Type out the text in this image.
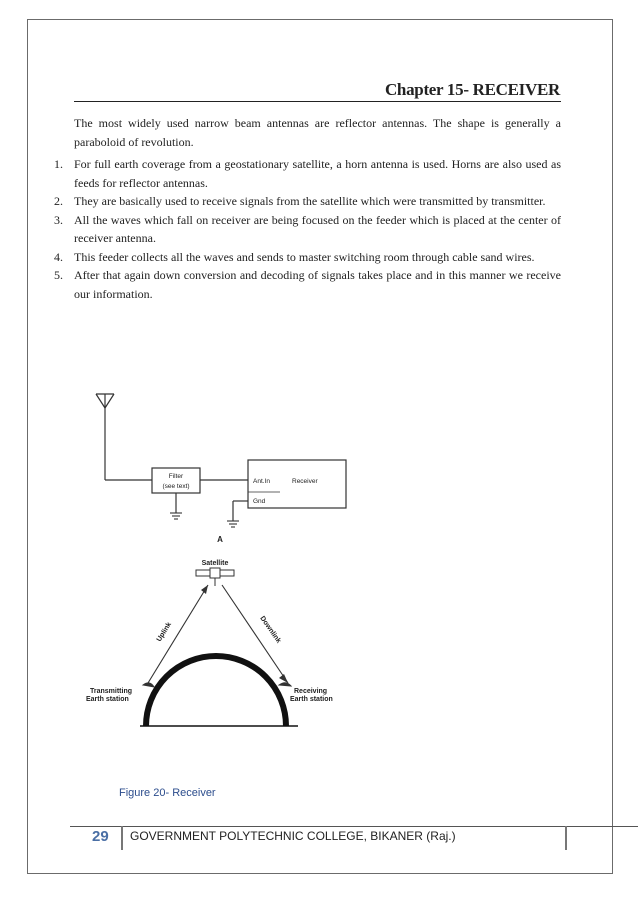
Chapter 15- RECEIVER

The most widely used narrow beam antennas are reflector antennas. The shape is generally a paraboloid of revolution.

1. For full earth coverage from a geostationary satellite, a horn antenna is used. Horns are also used as feeds for reflector antennas.
2. They are basically used to receive signals from the satellite which were transmitted by transmitter.
3. All the waves which fall on receiver are being focused on the feeder which is placed at the center of receiver antenna.
4. This feeder collects all the waves and sends to master switching room through cable sand wires.
5. After that again down conversion and decoding of signals takes place and in this manner we receive our information.
Filter
(see text)
Ant.In	Receiver
Gnd
A
Satellite
Uplink	Downlink
Transmitting
Earth station
Receiving
Earth station
Figure 20- Receiver
29 GOVERNMENT POLYTECHNIC COLLEGE, BIKANER (Raj.)
